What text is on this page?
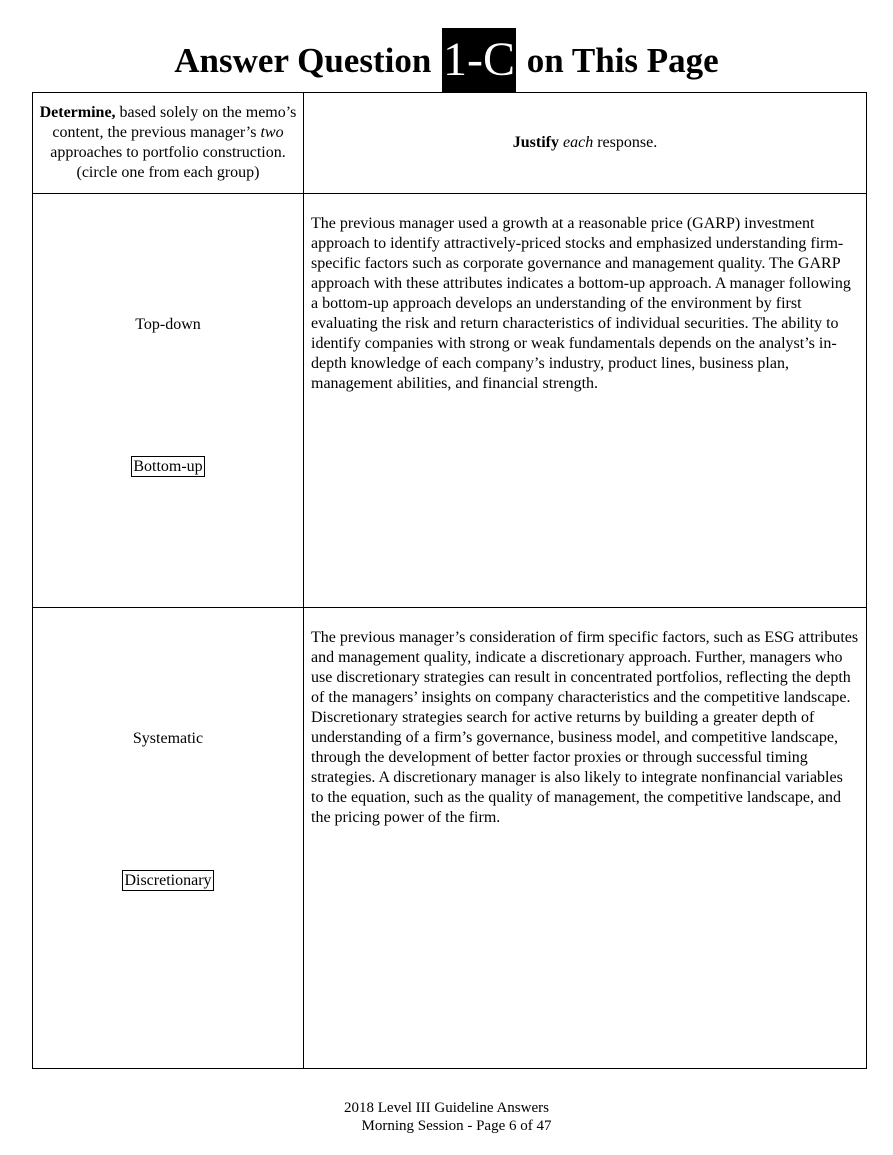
Answer Question 1-C on This Page
Determine, based solely on the memo’s content, the previous manager’s two approaches to portfolio construction.
(circle one from each group)	Justify each response.

Top-down
Bottom-up	The previous manager used a growth at a reasonable price (GARP) investment approach to identify attractively-priced stocks and emphasized understanding firm-specific factors such as corporate governance and management quality. The GARP approach with these attributes indicates a bottom-up approach. A manager following a bottom-up approach develops an understanding of the environment by first evaluating the risk and return characteristics of individual securities. The ability to identify companies with strong or weak fundamentals depends on the analyst’s in-depth knowledge of each company’s industry, product lines, business plan, management abilities, and financial strength.

Systematic
Discretionary	The previous manager’s consideration of firm specific factors, such as ESG attributes and management quality, indicate a discretionary approach. Further, managers who use discretionary strategies can result in concentrated portfolios, reflecting the depth of the managers’ insights on company characteristics and the competitive landscape. Discretionary strategies search for active returns by building a greater depth of understanding of a firm’s governance, business model, and competitive landscape, through the development of better factor proxies or through successful timing strategies. A discretionary manager is also likely to integrate nonfinancial variables to the equation, such as the quality of management, the competitive landscape, and the pricing power of the firm.
2018 Level III Guideline Answers
Morning Session - Page 6 of 47
